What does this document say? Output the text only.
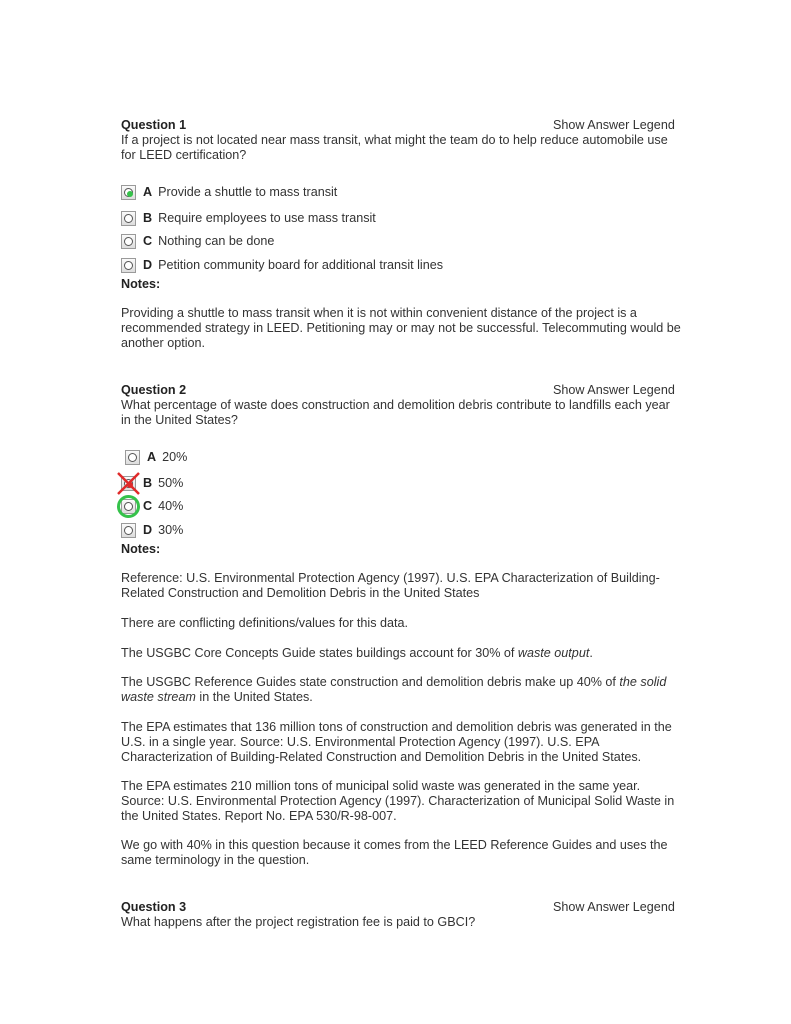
Question 1	Show Answer Legend
If a project is not located near mass transit, what might the team do to help reduce automobile use for LEED certification?
A Provide a shuttle to mass transit
B Require employees to use mass transit
C Nothing can be done
D Petition community board for additional transit lines
Notes:
Providing a shuttle to mass transit when it is not within convenient distance of the project is a recommended strategy in LEED. Petitioning may or may not be successful. Telecommuting would be another option.
Question 2	Show Answer Legend
What percentage of waste does construction and demolition debris contribute to landfills each year in the United States?
A 20%
B 50%
C 40%
D 30%
Notes:
Reference: U.S. Environmental Protection Agency (1997). U.S. EPA Characterization of Building-Related Construction and Demolition Debris in the United States
There are conflicting definitions/values for this data.
The USGBC Core Concepts Guide states buildings account for 30% of waste output.
The USGBC Reference Guides state construction and demolition debris make up 40% of the solid waste stream in the United States.
The EPA estimates that 136 million tons of construction and demolition debris was generated in the U.S. in a single year. Source: U.S. Environmental Protection Agency (1997). U.S. EPA Characterization of Building-Related Construction and Demolition Debris in the United States.
The EPA estimates 210 million tons of municipal solid waste was generated in the same year. Source: U.S. Environmental Protection Agency (1997). Characterization of Municipal Solid Waste in the United States. Report No. EPA 530/R-98-007.
We go with 40% in this question because it comes from the LEED Reference Guides and uses the same terminology in the question.
Question 3	Show Answer Legend
What happens after the project registration fee is paid to GBCI?
